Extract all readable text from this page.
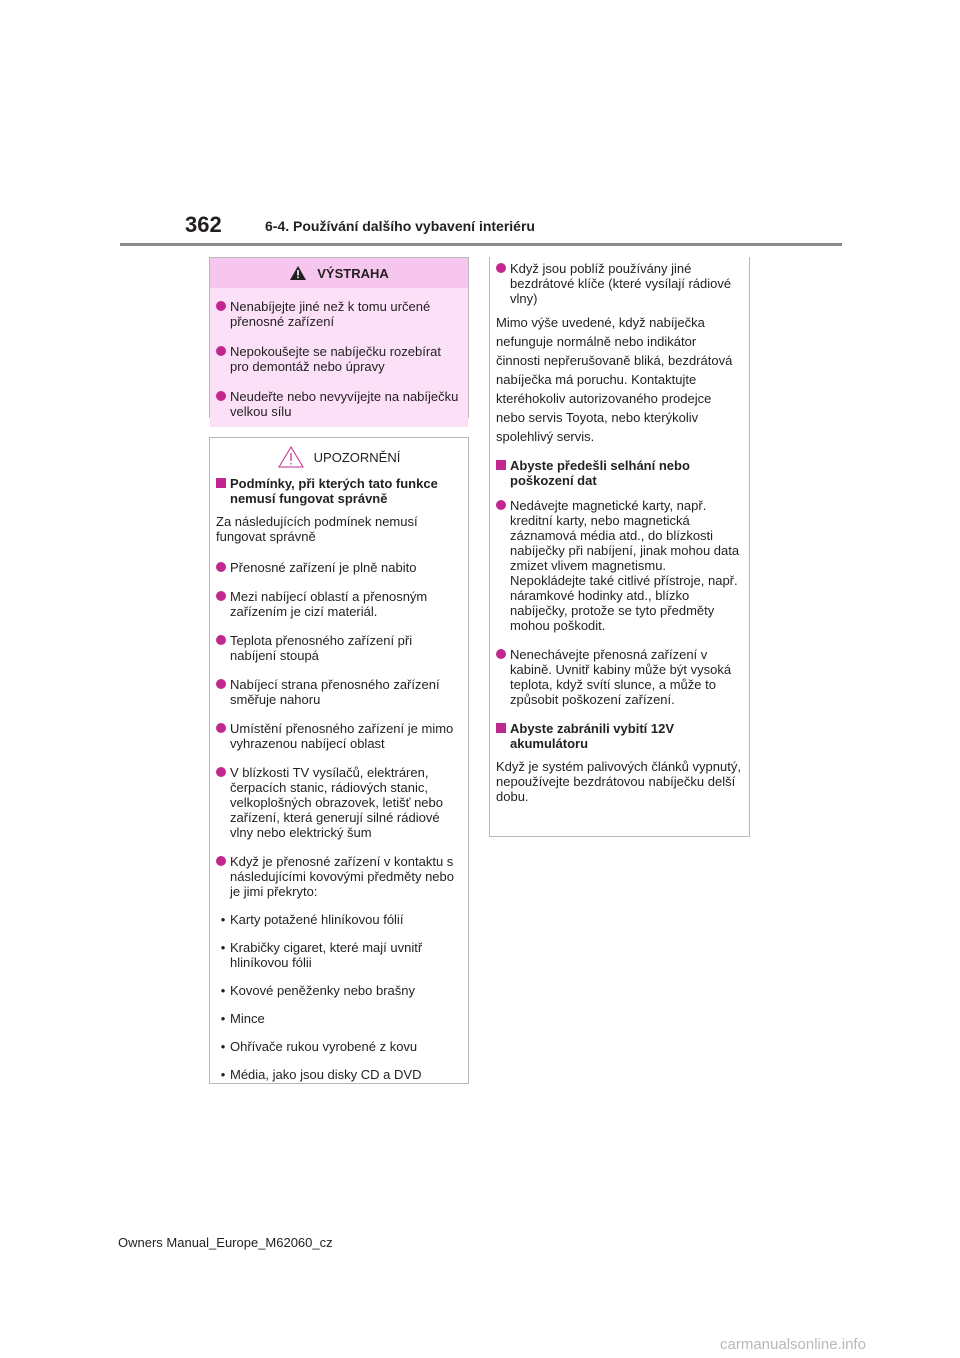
362	6-4. Používání dalšího vybavení interiéru
VÝSTRAHA
Nenabíjejte jiné než k tomu určené přenosné zařízení
Nepokoušejte se nabíječku rozebírat pro demontáž nebo úpravy
Neudeřte nebo nevyvíjejte na nabíječku velkou sílu
UPOZORNĚNÍ
Podmínky, při kterých tato funkce nemusí fungovat správně
Za následujících podmínek nemusí fungovat správně
Přenosné zařízení je plně nabito
Mezi nabíjecí oblastí a přenosným zařízením je cizí materiál.
Teplota přenosného zařízení při nabíjení stoupá
Nabíjecí strana přenosného zařízení směřuje nahoru
Umístění přenosného zařízení je mimo vyhrazenou nabíjecí oblast
V blízkosti TV vysílačů, elektráren, čerpacích stanic, rádiových stanic, velkoplošných obrazovek, letišť nebo zařízení, která generují silné rádiové vlny nebo elektrický šum
Když je přenosné zařízení v kontaktu s následujícími kovovými předměty nebo je jimi překryto:
• Karty potažené hliníkovou fólií
• Krabičky cigaret, které mají uvnitř hliníkovou fólii
• Kovové peněženky nebo brašny
• Mince
• Ohřívače rukou vyrobené z kovu
• Média, jako jsou disky CD a DVD
Když jsou poblíž používány jiné bezdrátové klíče (které vysílají rádiové vlny)
Mimo výše uvedené, když nabíječka nefunguje normálně nebo indikátor činnosti nepřerušovaně bliká, bezdrátová nabíječka má poruchu. Kontaktujte kteréhokoliv autorizovaného prodejce nebo servis Toyota, nebo kterýkoliv spolehlivý servis.
Abyste předešli selhání nebo poškození dat
Nedávejte magnetické karty, např. kreditní karty, nebo magnetická záznamová média atd., do blízkosti nabíječky při nabíjení, jinak mohou data zmizet vlivem magnetismu. Nepokládejte také citlivé přístroje, např. náramkové hodinky atd., blízko nabíječky, protože se tyto předměty mohou poškodit.
Nenechávejte přenosná zařízení v kabině. Uvnitř kabiny může být vysoká teplota, když svítí slunce, a může to způsobit poškození zařízení.
Abyste zabránili vybití 12V akumulátoru
Když je systém palivových článků vypnutý, nepoužívejte bezdrátovou nabíječku delší dobu.
Owners Manual_Europe_M62060_cz
carmanualsonline.info
